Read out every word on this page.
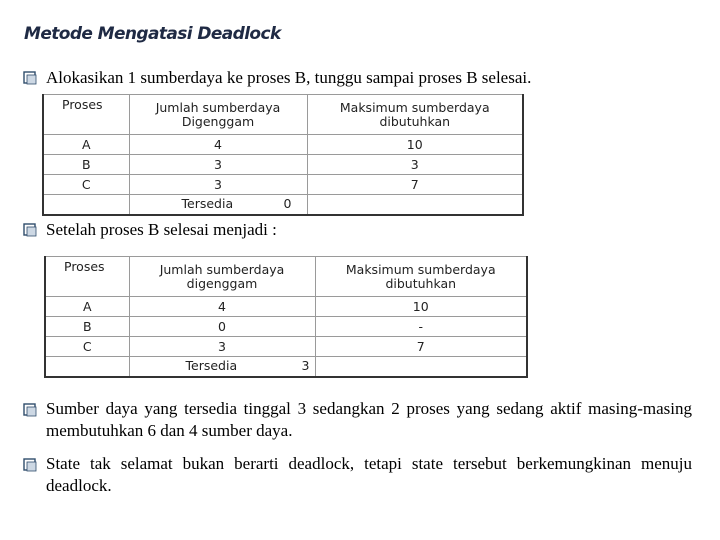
Metode Mengatasi Deadlock
Alokasikan 1 sumberdaya ke proses B, tunggu sampai proses B selesai.
Proses	Jumlah sumberdaya Digenggam	Maksimum sumberdaya dibutuhkan
A	4	10
B	3	3
C	3	7

	Tersedia 0	

Setelah proses B selesai menjadi :
Proses	Jumlah sumberdaya digenggam	Maksimum sumberdaya dibutuhkan
A	4	10
B	0	-
C	3	7

	Tersedia 3	

Sumber daya yang tersedia tinggal 3 sedangkan 2 proses yang sedang aktif masing-masing membutuhkan 6 dan 4 sumber daya.
State tak selamat bukan berarti deadlock, tetapi state tersebut berkemungkinan menuju deadlock.
